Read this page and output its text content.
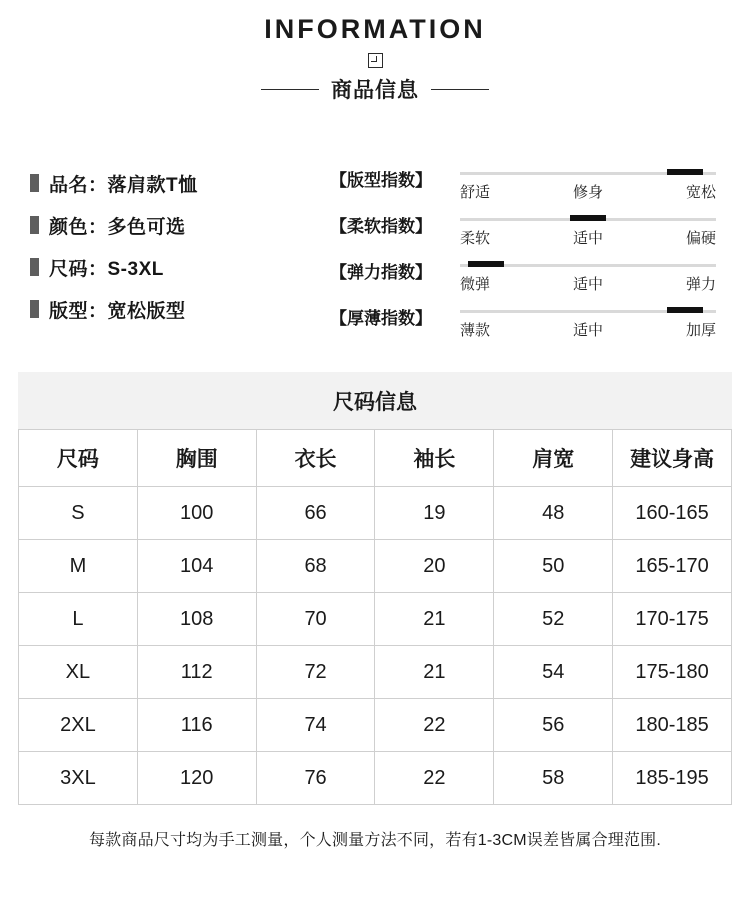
INFORMATION
商品信息
品名：落肩款T恤
颜色：多色可选
尺码：S-3XL
版型：宽松版型
【版型指数】
舒适	修身	宽松
【柔软指数】
柔软	适中	偏硬
【弹力指数】
微弹	适中	弹力
【厚薄指数】
薄款	适中	加厚
尺码信息
尺码	胸围	衣长	袖长	肩宽	建议身高
S	100	66	19	48	160-165
M	104	68	20	50	165-170
L	108	70	21	52	170-175
XL	112	72	21	54	175-180
2XL	116	74	22	56	180-185
3XL	120	76	22	58	185-195
每款商品尺寸均为手工测量，个人测量方法不同，若有1-3CM误差皆属合理范围.
